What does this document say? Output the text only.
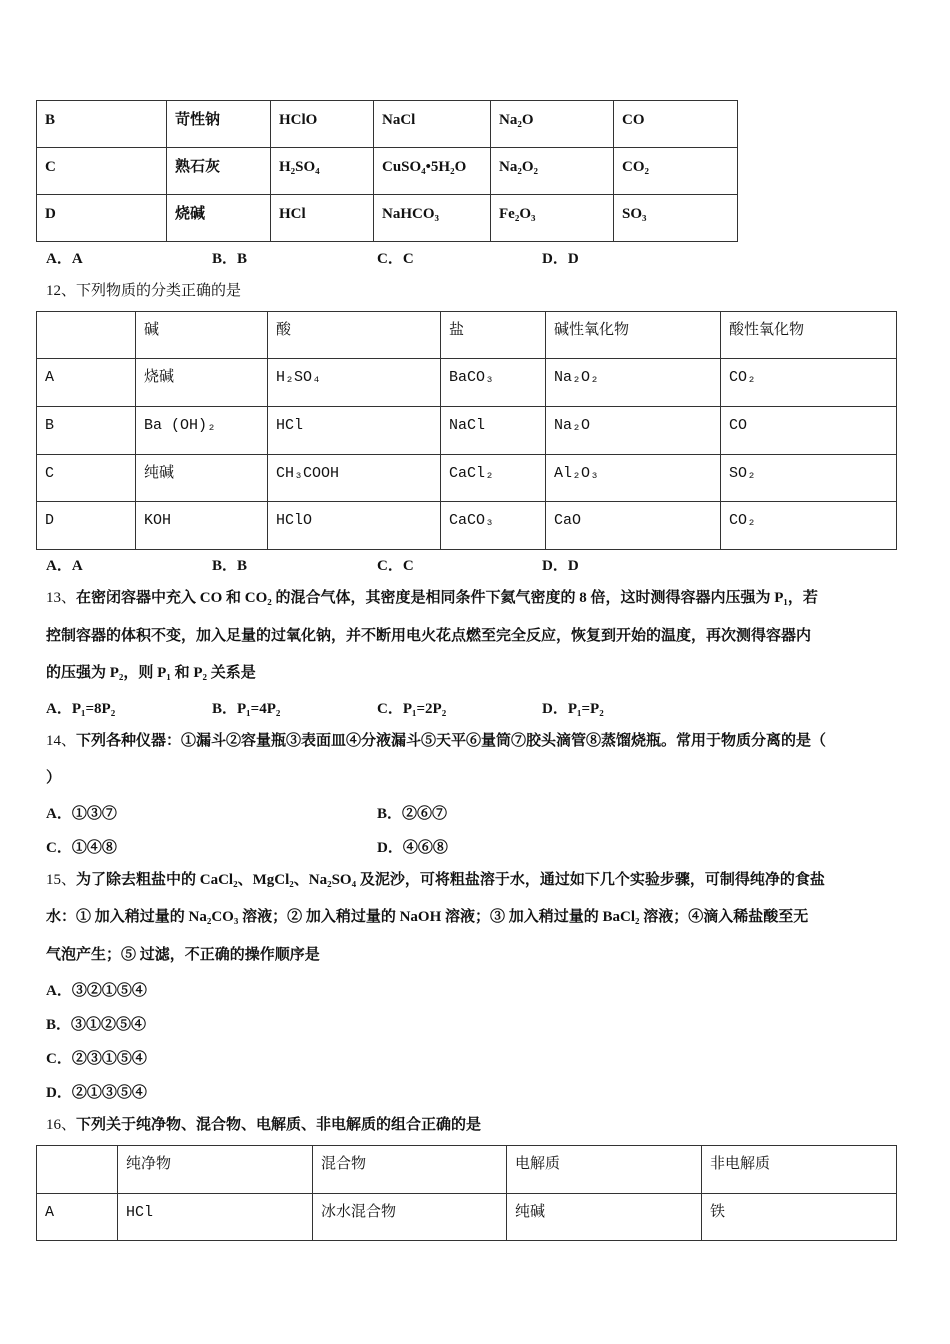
B	苛性钠	HClO	NaCl	Na₂O	CO
C	熟石灰	H₂SO₄	CuSO₄•5H₂O	Na₂O₂	CO₂
D	烧碱	HCl	NaHCO₃	Fe₂O₃	SO₃
A．A	B．B	C．C	D．D
12、下列物质的分类正确的是
	碱	酸	盐	碱性氧化物	酸性氧化物
A	烧碱	H₂SO₄	BaCO₃	Na₂O₂	CO₂
B	Ba (OH)₂	HCl	NaCl	Na₂O	CO
C	纯碱	CH₃COOH	CaCl₂	Al₂O₃	SO₂
D	KOH	HClO	CaCO₃	CaO	CO₂
A．A	B．B	C．C	D．D
13、在密闭容器中充入 CO 和 CO₂ 的混合气体，其密度是相同条件下氦气密度的 8 倍，这时测得容器内压强为 P₁，若
控制容器的体积不变，加入足量的过氧化钠，并不断用电火花点燃至完全反应，恢复到开始的温度，再次测得容器内
的压强为 P₂，则 P₁ 和 P₂ 关系是
A．P₁=8P₂	B．P₁=4P₂	C．P₁=2P₂	D．P₁=P₂
14、下列各种仪器：①漏斗②容量瓶③表面皿④分液漏斗⑤天平⑥量筒⑦胶头滴管⑧蒸馏烧瓶。常用于物质分离的是（
）
A．①③⑦	B．②⑥⑦
C．①④⑧	D．④⑥⑧
15、为了除去粗盐中的 CaCl₂、MgCl₂、Na₂SO₄ 及泥沙，可将粗盐溶于水，通过如下几个实验步骤，可制得纯净的食盐
水：① 加入稍过量的 Na₂CO₃ 溶液；② 加入稍过量的 NaOH 溶液；③ 加入稍过量的 BaCl₂ 溶液；④滴入稀盐酸至无
气泡产生；⑤ 过滤，不正确的操作顺序是
A．③②①⑤④
B．③①②⑤④
C．②③①⑤④
D．②①③⑤④
16、下列关于纯净物、混合物、电解质、非电解质的组合正确的是
	纯净物	混合物	电解质	非电解质
A	HCl	冰水混合物	纯碱	铁
